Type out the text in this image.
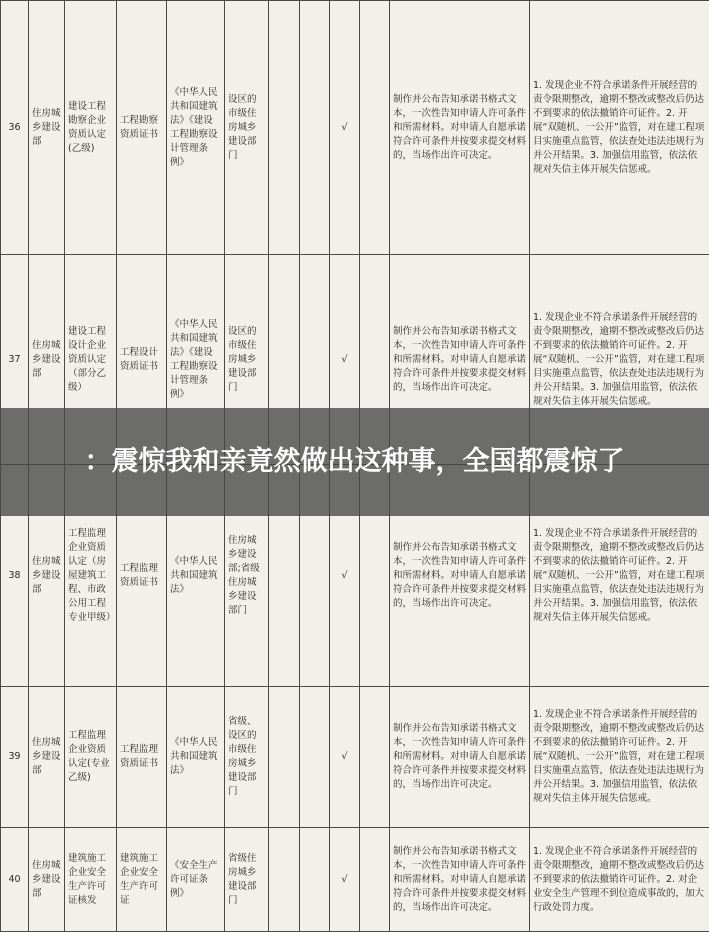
36	住房城乡建设部	建设工程勘察企业资质认定(乙级)	工程勘察资质证书	《中华人民共和国建筑法》《建设工程勘察设计管理条例》	设区的市级住房城乡建设部门			√		制作并公布告知承诺书格式文本，一次性告知申请人许可条件和所需材料。对申请人自愿承诺符合许可条件并按要求提交材料的，当场作出许可决定。	1. 发现企业不符合承诺条件开展经营的责令限期整改，逾期不整改或整改后仍达不到要求的依法撤销许可证件。2. 开展“双随机、一公开”监管，对在建工程项目实施重点监管，依法查处违法违规行为并公开结果。3. 加强信用监管，依法依规对失信主体开展失信惩戒。
37	住房城乡建设部	建设工程设计企业资质认定（部分乙级）	工程设计资质证书	《中华人民共和国建筑法》《建设工程勘察设计管理条例》	设区的市级住房城乡建设部门			√		制作并公布告知承诺书格式文本，一次性告知申请人许可条件和所需材料。对申请人自愿承诺符合许可条件并按要求提交材料的，当场作出许可决定。	1. 发现企业不符合承诺条件开展经营的责令限期整改，逾期不整改或整改后仍达不到要求的依法撤销许可证件。2. 开展“双随机、一公开”监管，对在建工程项目实施重点监管，依法查处违法违规行为并公开结果。3. 加强信用监管，依法依规对失信主体开展失信惩戒。
38	住房城乡建设部	工程监理企业资质认定（房屋建筑工程、市政公用工程专业甲级）	工程监理资质证书	《中华人民共和国建筑法》	住房城乡建设部;省级住房城乡建设部门			√		制作并公布告知承诺书格式文本，一次性告知申请人许可条件和所需材料。对申请人自愿承诺符合许可条件并按要求提交材料的，当场作出许可决定。	1. 发现企业不符合承诺条件开展经营的责令限期整改，逾期不整改或整改后仍达不到要求的依法撤销许可证件。2. 开展“双随机、一公开”监管，对在建工程项目实施重点监管，依法查处违法违规行为并公开结果。3. 加强信用监管，依法依规对失信主体开展失信惩戒。
39	住房城乡建设部	工程监理企业资质认定(专业乙级)	工程监理资质证书	《中华人民共和国建筑法》	省级、设区的市级住房城乡建设部门			√		制作并公布告知承诺书格式文本，一次性告知申请人许可条件和所需材料。对申请人自愿承诺符合许可条件并按要求提交材料的，当场作出许可决定。	1. 发现企业不符合承诺条件开展经营的责令限期整改，逾期不整改或整改后仍达不到要求的依法撤销许可证件。2. 开展“双随机、一公开”监管，对在建工程项目实施重点监管，依法查处违法违规行为并公开结果。3. 加强信用监管，依法依规对失信主体开展失信惩戒。
40	住房城乡建设部	建筑施工企业安全生产许可证核发	建筑施工企业安全生产许可证	《安全生产许可证条例》	省级住房城乡建设部门			√		制作并公布告知承诺书格式文本，一次性告知申请人许可条件和所需材料。对申请人自愿承诺符合许可条件并按要求提交材料的，当场作出许可决定。	1. 发现企业不符合承诺条件开展经营的责令限期整改，逾期不整改或整改后仍达不到要求的依法撤销许可证件。2. 对企业安全生产管理不到位造成事故的，加大行政处罚力度。
：震惊我和亲⁣竟然做出这种事，全国都震惊了
